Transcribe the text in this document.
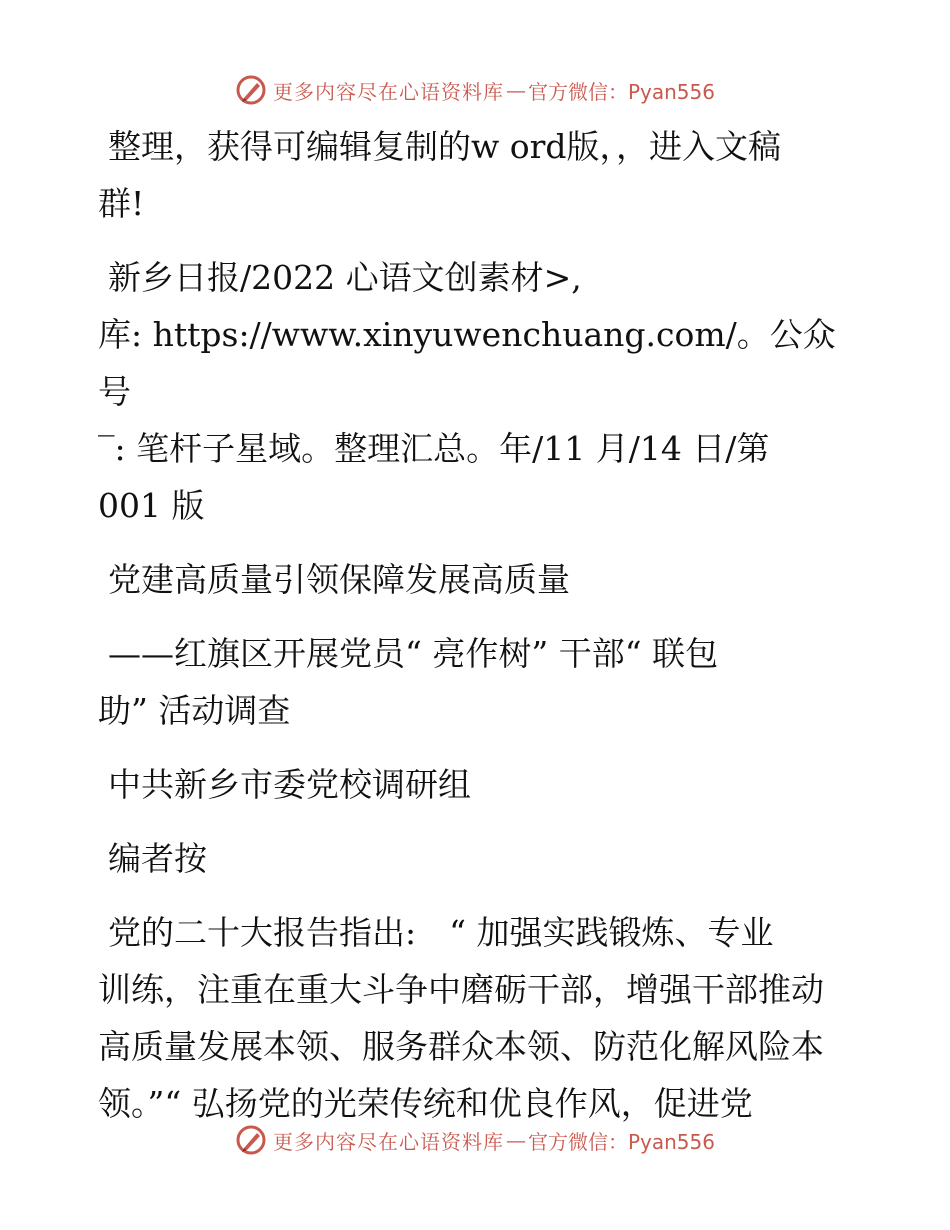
更多内容尽在心语资料库 — 官方微信：Pyan556

整理，获得可编辑复制的w ord版，，进入文稿

群!

新乡日报/2022 心语文创素材>,

库: https://www.xinyuwenchuang.com/。公众号

‾: 笔杆子星域。整理汇总。年/11 月/14 日/第

001 版

党建高质量引领保障发展高质量

——红旗区开展党员“ 亮作树” 干部“ 联包

助” 活动调查

中共新乡市委党校调研组

编者按

党的二十大报告指出:　“ 加强实践锻炼、专业

训练，注重在重大斗争中磨砺干部，增强干部推动

高质量发展本领、服务群众本领、防范化解风险本

领。”“ 弘扬党的光荣传统和优良作风，促进党

更多内容尽在心语资料库 — 官方微信：Pyan556
